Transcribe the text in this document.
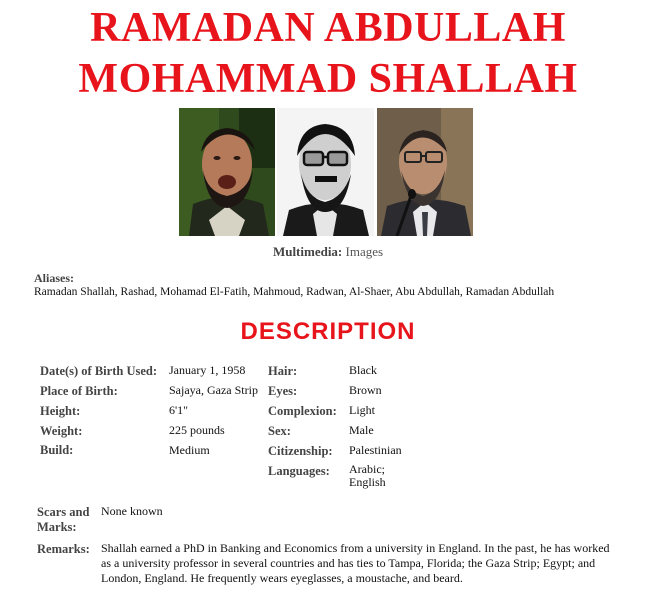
RAMADAN ABDULLAH
MOHAMMAD SHALLAH
Multimedia: Images
Aliases:
Ramadan Shallah, Rashad, Mohamad El-Fatih, Mahmoud, Radwan, Al-Shaer, Abu Abdullah, Ramadan Abdullah
DESCRIPTION
Date(s) of Birth Used:
Place of Birth:
Height:
Weight:
Build:
January 1, 1958
Sajaya, Gaza Strip
6'1"
225 pounds
Medium
Hair:
Eyes:
Complexion:
Sex:
Citizenship:
Languages:
Black
Brown
Light
Male
Palestinian
Arabic;
English
Scars and
Marks:
None known
Remarks: Shallah earned a PhD in Banking and Economics from a university in England. In the past, he has worked as a university professor in several countries and has ties to Tampa, Florida; the Gaza Strip; Egypt; and London, England. He frequently wears eyeglasses, a moustache, and beard.
